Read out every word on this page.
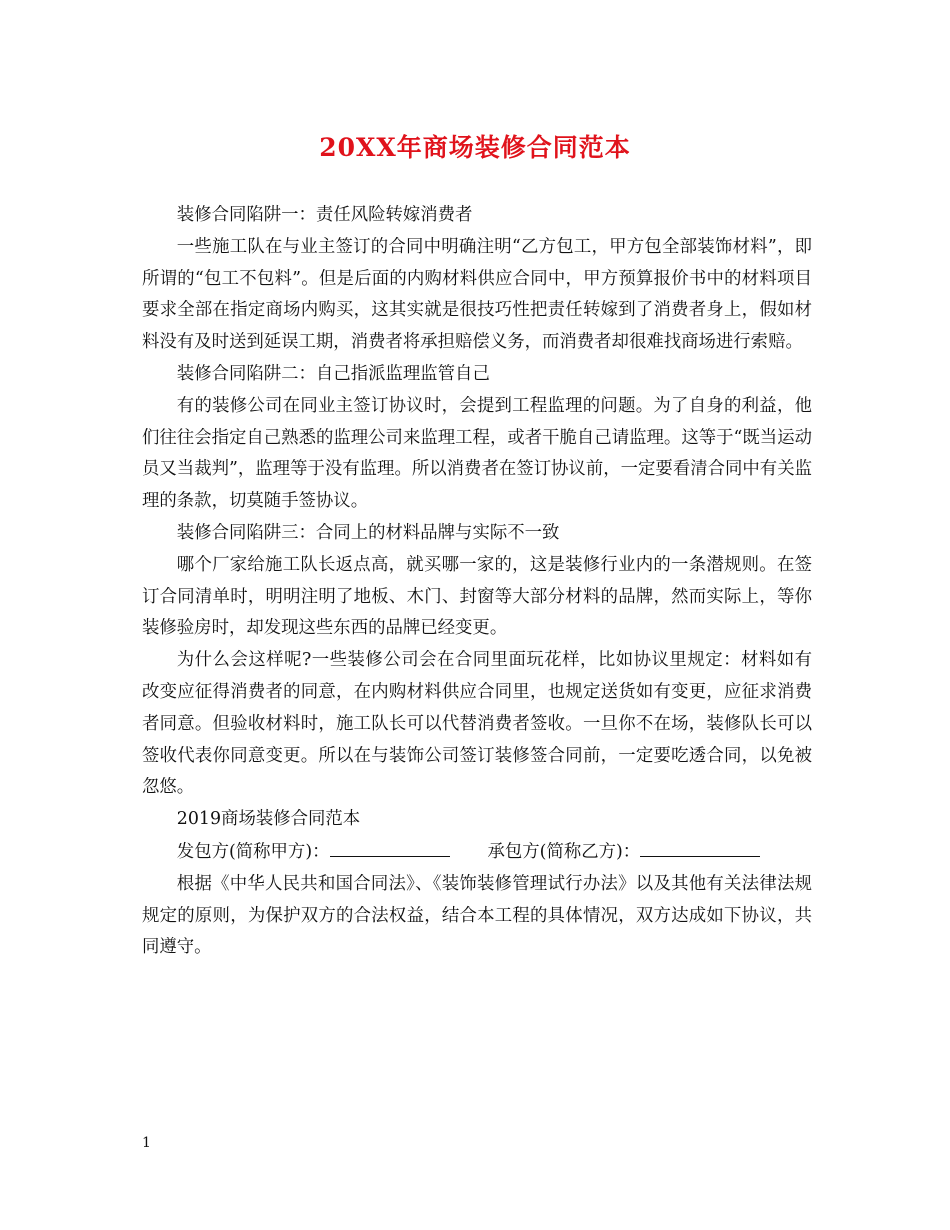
20XX年商场装修合同范本

装修合同陷阱一：责任风险转嫁消费者

一些施工队在与业主签订的合同中明确注明“乙方包工，甲方包全部装饰材料”，即所谓的“包工不包料”。但是后面的内购材料供应合同中，甲方预算报价书中的材料项目要求全部在指定商场内购买，这其实就是很技巧性把责任转嫁到了消费者身上，假如材料没有及时送到延误工期，消费者将承担赔偿义务，而消费者却很难找商场进行索赔。

装修合同陷阱二：自己指派监理监管自己

有的装修公司在同业主签订协议时，会提到工程监理的问题。为了自身的利益，他们往往会指定自己熟悉的监理公司来监理工程，或者干脆自己请监理。这等于“既当运动员又当裁判”，监理等于没有监理。所以消费者在签订协议前，一定要看清合同中有关监理的条款，切莫随手签协议。

装修合同陷阱三：合同上的材料品牌与实际不一致

哪个厂家给施工队长返点高，就买哪一家的，这是装修行业内的一条潜规则。在签订合同清单时，明明注明了地板、木门、封窗等大部分材料的品牌，然而实际上，等你装修验房时，却发现这些东西的品牌已经变更。

为什么会这样呢?一些装修公司会在合同里面玩花样，比如协议里规定：材料如有改变应征得消费者的同意，在内购材料供应合同里，也规定送货如有变更，应征求消费者同意。但验收材料时，施工队长可以代替消费者签收。一旦你不在场，装修队长可以签收代表你同意变更。所以在与装饰公司签订装修签合同前，一定要吃透合同，以免被忽悠。

2019商场装修合同范本

发包方(简称甲方)：	承包方(简称乙方)：

根据《中华人民共和国合同法》、《装饰装修管理试行办法》以及其他有关法律法规规定的原则，为保护双方的合法权益，结合本工程的具体情况，双方达成如下协议，共同遵守。

1
